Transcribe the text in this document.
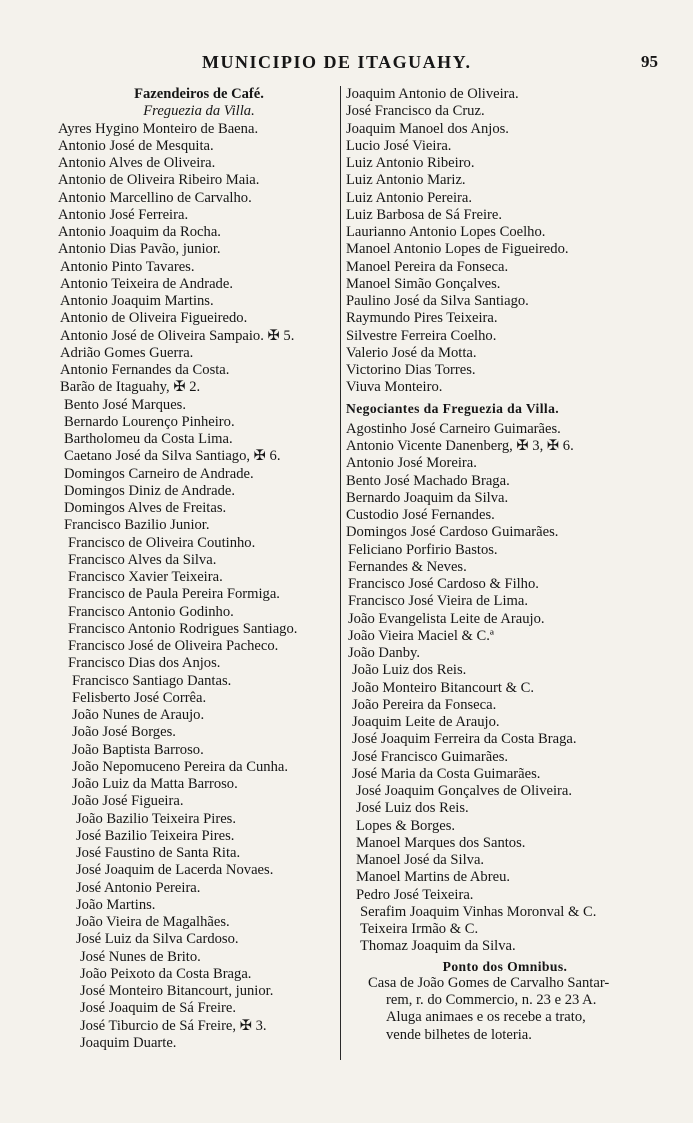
MUNICIPIO DE ITAGUAHY.	95
Fazendeiros de Café.
Freguezia da Villa.
Ayres Hygino Monteiro de Baena.
Antonio José de Mesquita.
Antonio Alves de Oliveira.
Antonio de Oliveira Ribeiro Maia.
Antonio Marcellino de Carvalho.
Antonio José Ferreira.
Antonio Joaquim da Rocha.
Antonio Dias Pavão, junior.
Antonio Pinto Tavares.
Antonio Teixeira de Andrade.
Antonio Joaquim Martins.
Antonio de Oliveira Figueiredo.
Antonio José de Oliveira Sampaio. ✠ 5.
Adrião Gomes Guerra.
Antonio Fernandes da Costa.
Barão de Itaguahy, ✠ 2.
Bento José Marques.
Bernardo Lourenço Pinheiro.
Bartholomeu da Costa Lima.
Caetano José da Silva Santiago, ✠ 6.
Domingos Carneiro de Andrade.
Domingos Diniz de Andrade.
Domingos Alves de Freitas.
Francisco Bazilio Junior.
Francisco de Oliveira Coutinho.
Francisco Alves da Silva.
Francisco Xavier Teixeira.
Francisco de Paula Pereira Formiga.
Francisco Antonio Godinho.
Francisco Antonio Rodrigues Santiago.
Francisco José de Oliveira Pacheco.
Francisco Dias dos Anjos.
Francisco Santiago Dantas.
Felisberto José Corrêa.
João Nunes de Araujo.
João José Borges.
João Baptista Barroso.
João Nepomuceno Pereira da Cunha.
João Luiz da Matta Barroso.
João José Figueira.
João Bazilio Teixeira Pires.
José Bazilio Teixeira Pires.
José Faustino de Santa Rita.
José Joaquim de Lacerda Novaes.
José Antonio Pereira.
João Martins.
João Vieira de Magalhães.
José Luiz da Silva Cardoso.
José Nunes de Brito.
João Peixoto da Costa Braga.
José Monteiro Bitancourt, junior.
José Joaquim de Sá Freire.
José Tiburcio de Sá Freire, ✠ 3.
Joaquim Duarte.
Joaquim Antonio de Oliveira.
José Francisco da Cruz.
Joaquim Manoel dos Anjos.
Lucio José Vieira.
Luiz Antonio Ribeiro.
Luiz Antonio Mariz.
Luiz Antonio Pereira.
Luiz Barbosa de Sá Freire.
Laurianno Antonio Lopes Coelho.
Manoel Antonio Lopes de Figueiredo.
Manoel Pereira da Fonseca.
Manoel Simão Gonçalves.
Paulino José da Silva Santiago.
Raymundo Pires Teixeira.
Silvestre Ferreira Coelho.
Valerio José da Motta.
Victorino Dias Torres.
Viuva Monteiro.
Negociantes da Freguezia da Villa.
Agostinho José Carneiro Guimarães.
Antonio Vicente Danenberg, ✠ 3, ✠ 6.
Antonio José Moreira.
Bento José Machado Braga.
Bernardo Joaquim da Silva.
Custodio José Fernandes.
Domingos José Cardoso Guimarães.
Feliciano Porfirio Bastos.
Fernandes & Neves.
Francisco José Cardoso & Filho.
Francisco José Vieira de Lima.
João Evangelista Leite de Araujo.
João Vieira Maciel & C.ª
João Danby.
João Luiz dos Reis.
João Monteiro Bitancourt & C.
João Pereira da Fonseca.
Joaquim Leite de Araujo.
José Joaquim Ferreira da Costa Braga.
José Francisco Guimarães.
José Maria da Costa Guimarães.
José Joaquim Gonçalves de Oliveira.
José Luiz dos Reis.
Lopes & Borges.
Manoel Marques dos Santos.
Manoel José da Silva.
Manoel Martins de Abreu.
Pedro José Teixeira.
Serafim Joaquim Vinhas Moronval & C.
Teixeira Irmão & C.
Thomaz Joaquim da Silva.
Ponto dos Omnibus.
Casa de João Gomes de Carvalho Santar-
rem, r. do Commercio, n. 23 e 23 A.
Aluga animaes e os recebe a trato,
vende bilhetes de loteria.
